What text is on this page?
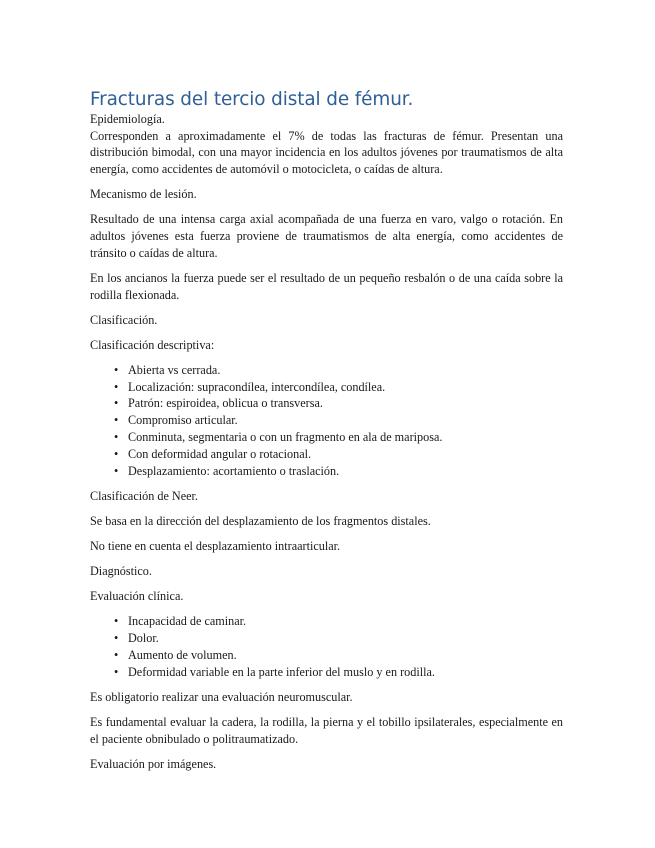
Fracturas del tercio distal de fémur.

Epidemiología.

Corresponden a aproximadamente el 7% de todas las fracturas de fémur. Presentan una distribución bimodal, con una mayor incidencia en los adultos jóvenes por traumatismos de alta energía, como accidentes de automóvil o motocicleta, o caídas de altura.

Mecanismo de lesión.

Resultado de una intensa carga axial acompañada de una fuerza en varo, valgo o rotación. En adultos jóvenes esta fuerza proviene de traumatismos de alta energía, como accidentes de tránsito o caídas de altura.

En los ancianos la fuerza puede ser el resultado de un pequeño resbalón o de una caída sobre la rodilla flexionada.

Clasificación.

Clasificación descriptiva:

• Abierta vs cerrada.
• Localización: supracondílea, intercondílea, condílea.
• Patrón: espiroidea, oblicua o transversa.
• Compromiso articular.
• Conminuta, segmentaria o con un fragmento en ala de mariposa.
• Con deformidad angular o rotacional.
• Desplazamiento: acortamiento o traslación.

Clasificación de Neer.

Se basa en la dirección del desplazamiento de los fragmentos distales.

No tiene en cuenta el desplazamiento intraarticular.

Diagnóstico.

Evaluación clínica.

• Incapacidad de caminar.
• Dolor.
• Aumento de volumen.
• Deformidad variable en la parte inferior del muslo y en rodilla.

Es obligatorio realizar una evaluación neuromuscular.

Es fundamental evaluar la cadera, la rodilla, la pierna y el tobillo ipsilaterales, especialmente en el paciente obnibulado o politraumatizado.

Evaluación por imágenes.
